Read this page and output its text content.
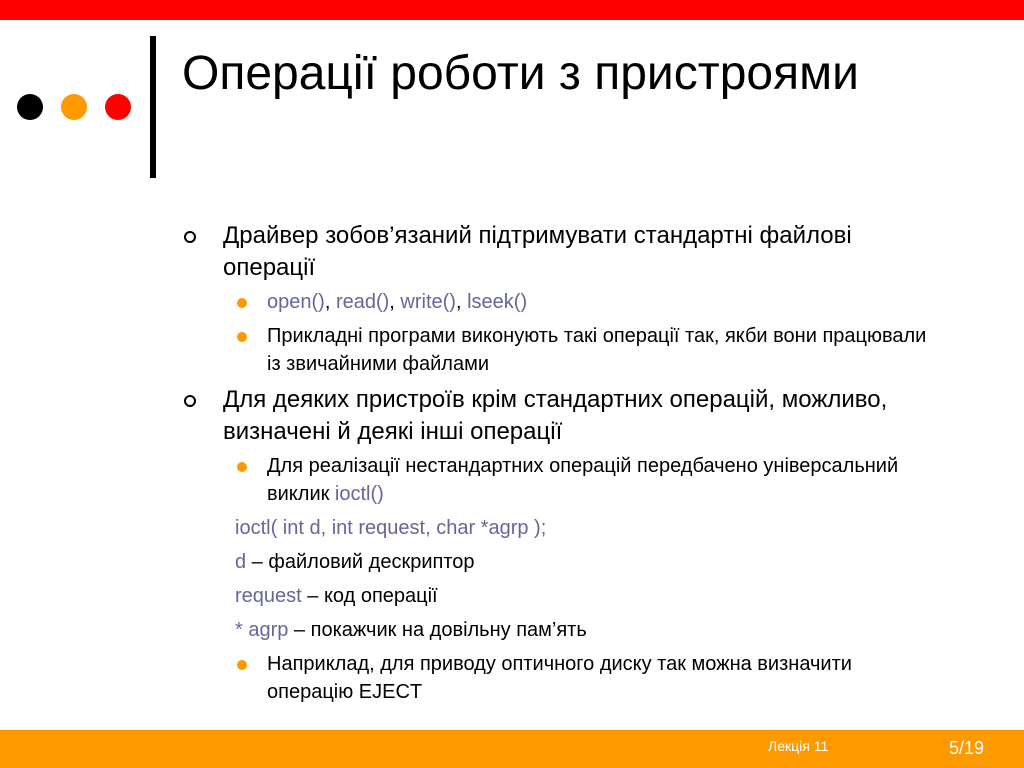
Операції роботи з пристроями
Драйвер зобов’язаний підтримувати стандартні файлові операції
open(), read(), write(), lseek()
Прикладні програми виконують такі операції так, якби вони працювали із звичайними файлами
Для деяких пристроїв крім стандартних операцій, можливо, визначені й деякі інші операції
Для реалізації нестандартних операцій передбачено універсальний виклик ioctl()
ioctl( int d, int request, char *agrp );
d – файловий дескриптор
request – код операції
* agrp – покажчик на довільну пам’ять
Наприклад, для приводу оптичного диску так можна визначити операцію EJECT
Лекція 11	5/19
